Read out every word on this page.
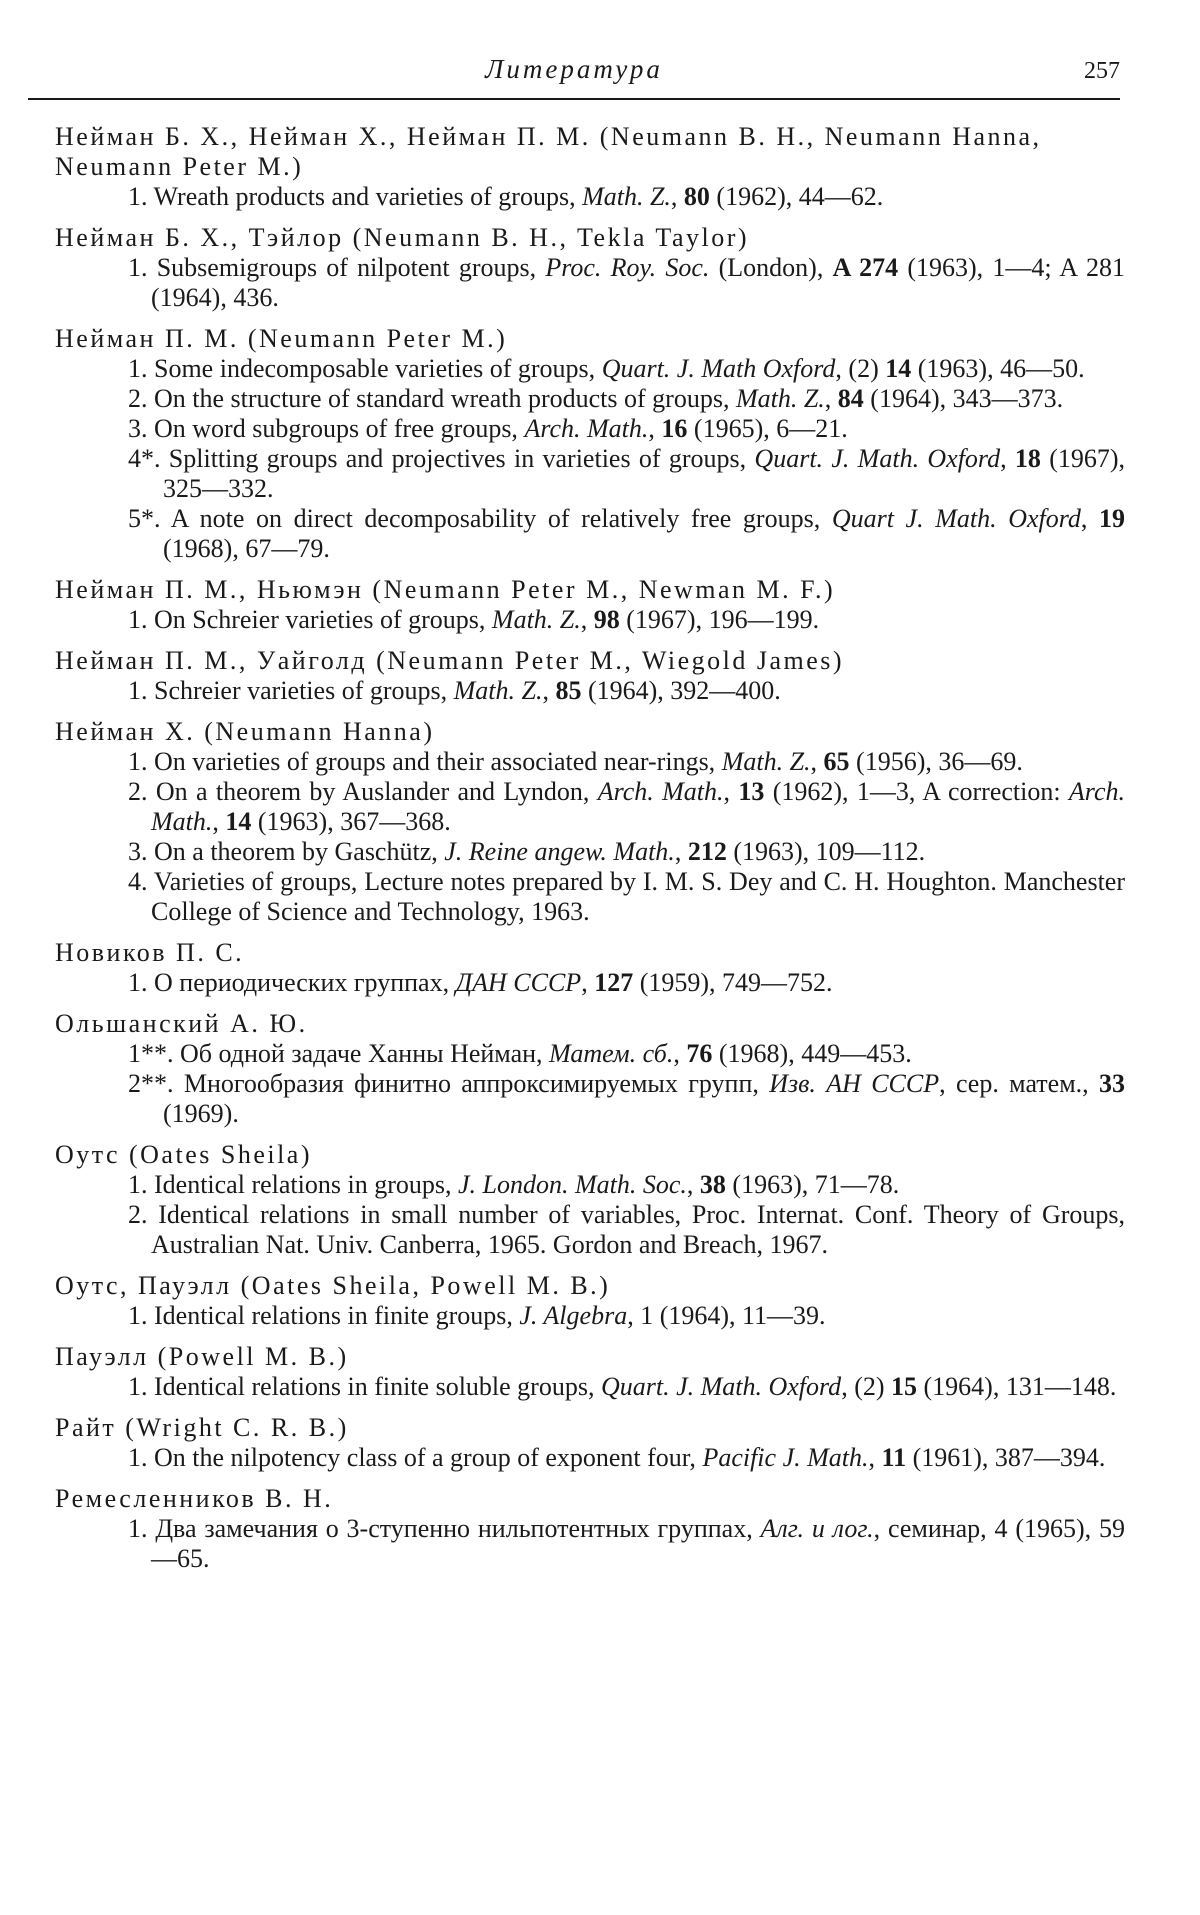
Литература	257
Нейман Б. Х., Нейман Х., Нейман П. М. (Neumann B. H., Neumann Hanna, Neumann Peter M.)
1. Wreath products and varieties of groups, Math. Z., 80 (1962), 44—62.
Нейман Б. Х., Тэйлор (Neumann B. H., Tekla Taylor)
1. Subsemigroups of nilpotent groups, Proc. Roy. Soc. (London), A 274 (1963), 1—4; A 281 (1964), 436.
Нейман П. М. (Neumann Peter M.)
1. Some indecomposable varieties of groups, Quart. J. Math Oxford, (2) 14 (1963), 46—50.
2. On the structure of standard wreath products of groups, Math. Z., 84 (1964), 343—373.
3. On word subgroups of free groups, Arch. Math., 16 (1965), 6—21.
4*. Splitting groups and projectives in varieties of groups, Quart. J. Math. Oxford, 18 (1967), 325—332.
5*. A note on direct decomposability of relatively free groups, Quart J. Math. Oxford, 19 (1968), 67—79.
Нейман П. М., Ньюмэн (Neumann Peter M., Newman M. F.)
1. On Schreier varieties of groups, Math. Z., 98 (1967), 196—199.
Нейман П. М., Уайголд (Neumann Peter M., Wiegold James)
1. Schreier varieties of groups, Math. Z., 85 (1964), 392—400.
Нейман Х. (Neumann Hanna)
1. On varieties of groups and their associated near-rings, Math. Z., 65 (1956), 36—69.
2. On a theorem by Auslander and Lyndon, Arch. Math., 13 (1962), 1—3, A correction: Arch. Math., 14 (1963), 367—368.
3. On a theorem by Gaschütz, J. Reine angew. Math., 212 (1963), 109—112.
4. Varieties of groups, Lecture notes prepared by I. M. S. Dey and C. H. Houghton. Manchester College of Science and Technology, 1963.
Новиков П. С.
1. О периодических группах, ДАН СССР, 127 (1959), 749—752.
Ольшанский А. Ю.
1**. Об одной задаче Ханны Нейман, Матем. сб., 76 (1968), 449—453.
2**. Многообразия финитно аппроксимируемых групп, Изв. АН СССР, сер. матем., 33 (1969).
Оутс (Oates Sheila)
1. Identical relations in groups, J. London. Math. Soc., 38 (1963), 71—78.
2. Identical relations in small number of variables, Proc. Internat. Conf. Theory of Groups, Australian Nat. Univ. Canberra, 1965. Gordon and Breach, 1967.
Оутс, Пауэлл (Oates Sheila, Powell M. B.)
1. Identical relations in finite groups, J. Algebra, 1 (1964), 11—39.
Пауэлл (Powell M. B.)
1. Identical relations in finite soluble groups, Quart. J. Math. Oxford, (2) 15 (1964), 131—148.
Райт (Wright C. R. B.)
1. On the nilpotency class of a group of exponent four, Pacific J. Math., 11 (1961), 387—394.
Ремесленников В. Н.
1. Два замечания о 3-ступенно нильпотентных группах, Алг. и лог., семинар, 4 (1965), 59—65.
